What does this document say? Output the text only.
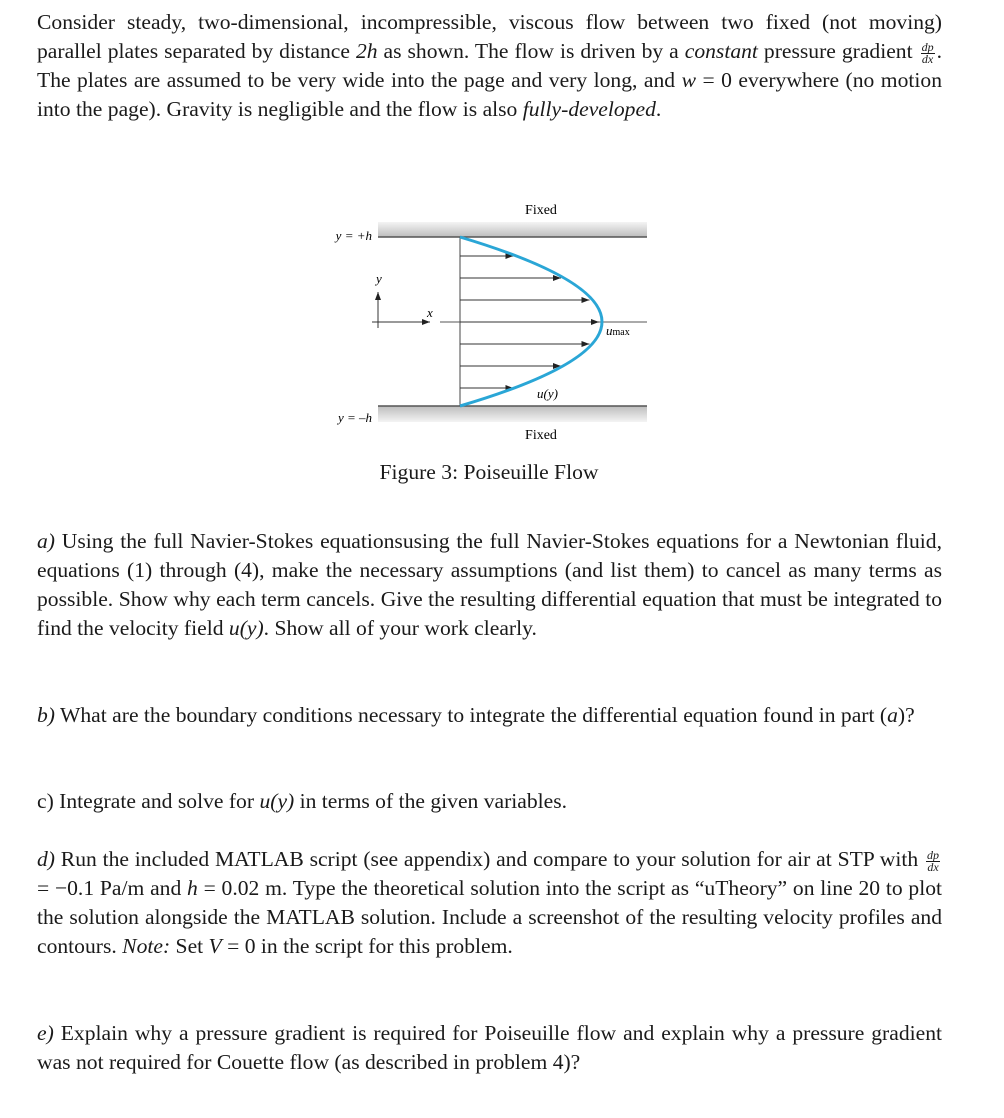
Consider steady, two-dimensional, incompressible, viscous flow between two fixed (not moving) parallel plates separated by distance 2h as shown. The flow is driven by a constant pressure gradient $\frac{dp}{dx}$ . The plates are assumed to be very wide into the page and very long, and w = 0 everywhere (no motion into the page). Gravity is negligible and the flow is also fully-developed.
Fixed
Fixed
y = +h
y = –h
y
x
umax
u(y)
Figure 3: Poiseuille Flow
a) Using the full Navier-Stokes equationsusing the full Navier-Stokes equations for a Newtonian fluid, equations (1) through (4), make the necessary assumptions (and list them) to cancel as many terms as possible. Show why each term cancels. Give the resulting differential equation that must be integrated to find the velocity field u(y). Show all of your work clearly.
b) What are the boundary conditions necessary to integrate the differential equation found in part (a)?
c) Integrate and solve for u(y) in terms of the given variables.
d) Run the included MATLAB script (see appendix) and compare to your solution for air at STP with $\frac{dp}{dx}$
= −0.1 Pa/m and h = 0.02 m. Type the theoretical solution into the script as “uTheory” on line 20 to plot the solution alongside the MATLAB solution. Include a screenshot of the resulting velocity profiles and contours. Note: Set V = 0 in the script for this problem.
e) Explain why a pressure gradient is required for Poiseuille flow and explain why a pressure gradient was not required for Couette flow (as described in problem 4)?
